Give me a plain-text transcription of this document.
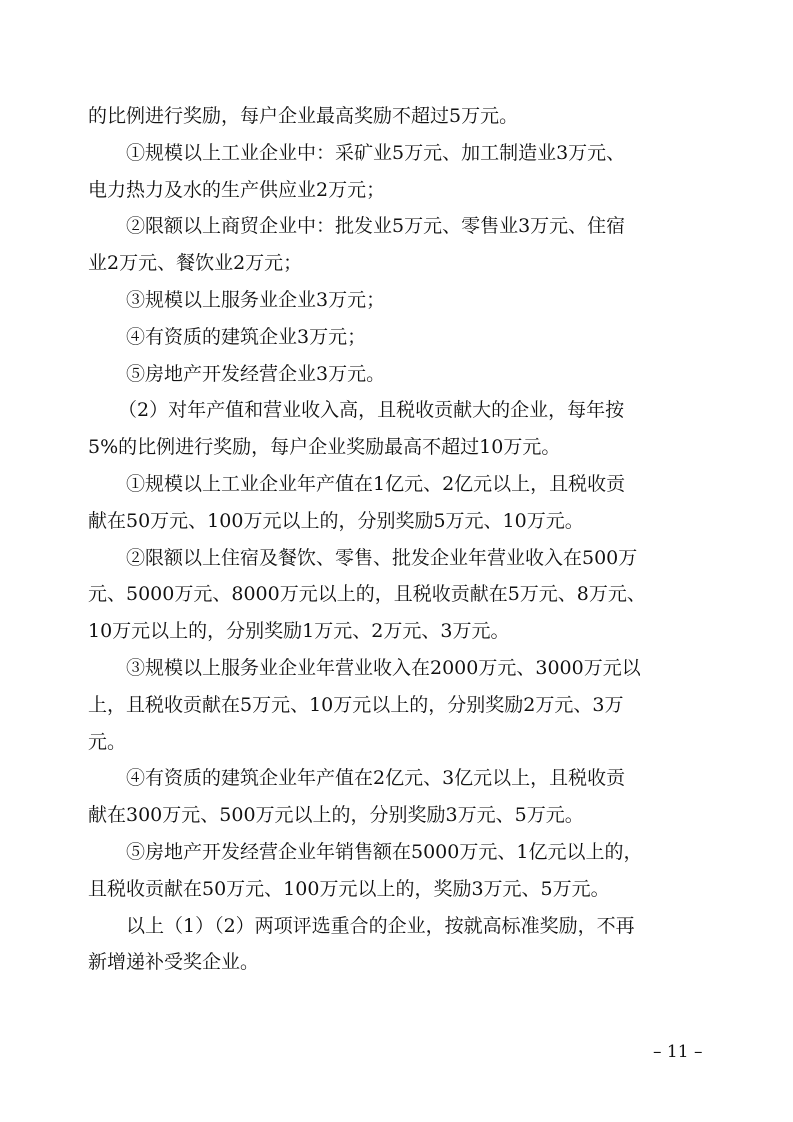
的比例进行奖励，每户企业最高奖励不超过5万元。
①规模以上工业企业中：采矿业5万元、加工制造业3万元、
电力热力及水的生产供应业2万元；
②限额以上商贸企业中：批发业5万元、零售业3万元、住宿
业2万元、餐饮业2万元；
③规模以上服务业企业3万元；
④有资质的建筑企业3万元；
⑤房地产开发经营企业3万元。
（2）对年产值和营业收入高，且税收贡献大的企业，每年按
5%的比例进行奖励，每户企业奖励最高不超过10万元。
①规模以上工业企业年产值在1亿元、2亿元以上，且税收贡
献在50万元、100万元以上的，分别奖励5万元、10万元。
②限额以上住宿及餐饮、零售、批发企业年营业收入在500万
元、5000万元、8000万元以上的，且税收贡献在5万元、8万元、
10万元以上的，分别奖励1万元、2万元、3万元。
③规模以上服务业企业年营业收入在2000万元、3000万元以
上，且税收贡献在5万元、10万元以上的，分别奖励2万元、3万
元。
④有资质的建筑企业年产值在2亿元、3亿元以上，且税收贡
献在300万元、500万元以上的，分别奖励3万元、5万元。
⑤房地产开发经营企业年销售额在5000万元、1亿元以上的，
且税收贡献在50万元、100万元以上的，奖励3万元、5万元。
以上（1）（2）两项评选重合的企业，按就高标准奖励，不再
新增递补受奖企业。
– 11 –
